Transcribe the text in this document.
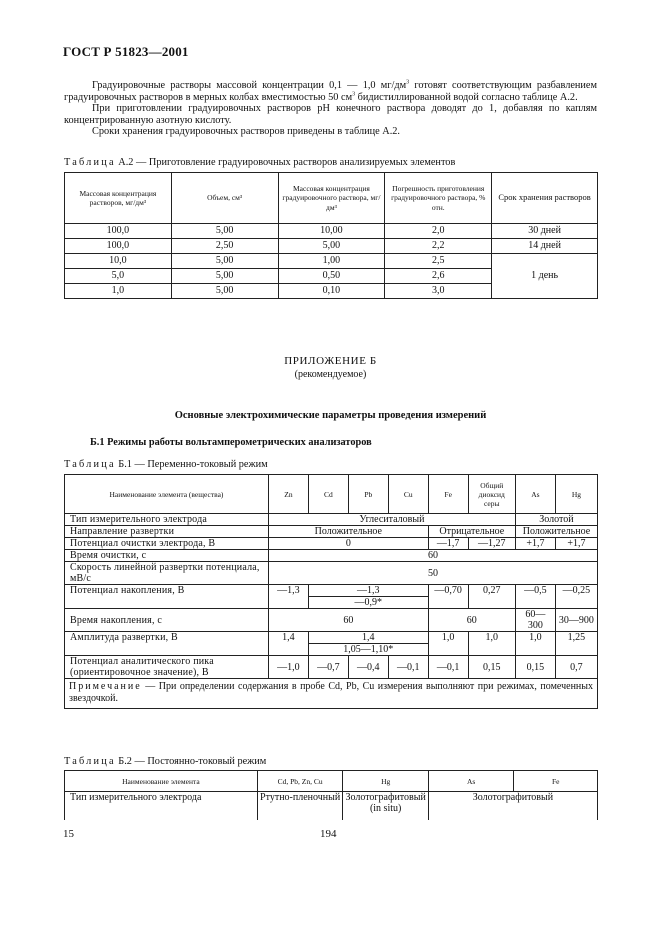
ГОСТ Р 51823—2001

Градуировочные растворы массовой концентрации 0,1 — 1,0 $мг/дм^3$ готовят соответствующим разбавлением градуировочных растворов в мерных колбах вместимостью 50 $см^3$ бидистиллированной водой согласно таблице А.2.

При приготовлении градуировочных растворов pH конечного раствора доводят до 1, добавляя по каплям концентрированную азотную кислоту.

Сроки хранения градуировочных растворов приведены в таблице А.2.

Таблица А.2 — Приготовление градуировочных растворов анализируемых элементов
Массовая концентрация растворов, мг/дм³	Объем, см³	Массовая концентрация градуировочного раствора, мг/дм³	Погрешность приготовления градуировочного раствора, % отн.	Срок хранения растворов
100,0	5,00	10,00	2,0	30 дней
100,0	2,50	5,00	2,2	14 дней
10,0	5,00	1,00	2,5	1 день
5,0	5,00	0,50	2,6	
1,0	5,00	0,10	3,0	
ПРИЛОЖЕНИЕ Б
(рекомендуемое)
Основные электрохимические параметры проведения измерений
Б.1 Режимы работы вольтамперометрических анализаторов
Таблица Б.1 — Переменно-токовый режим
Наименование элемента (вещества)	Zn	Cd	Pb	Cu	Fe	Общий диоксид серы	As	Hg
Тип измерительного электрода	Углеситаловый						Золотой	
Направление развертки	Положительное				Отрицательное		Положительное	
Потенциал очистки электрода, В	0				—1,7	—1,27	+1,7	+1,7
Время очистки, с	60							
Скорость линейной развертки потенциала, мВ/с	50							
Потенциал накопления, В	—1,3	—1,3			—0,70	0,27	—0,5	—0,25
		—0,9*						
Время накопления, с	60				60		60—300	30—900
Амплитуда развертки, В	1,4	1,4			1,0	1,0	1,0	1,25
		1,05—1,10*						
Потенциал аналитического пика (ориентировочное значение), В	—1,0	—0,7	—0,4	—0,1	—0,1	0,15	0,15	0,7
Примечание — При определении содержания в пробе Cd, Pb, Cu измерения выполняют при режимах, помеченных звездочкой.								
Таблица Б.2 — Постоянно-токовый режим
Наименование элемента	Cd, Pb, Zn, Cu	Hg	As	Fe
Тип измерительного электрода	Ртутно-пленочный	Золотографитовый (in situ)	Золотографитовый	
15	194
